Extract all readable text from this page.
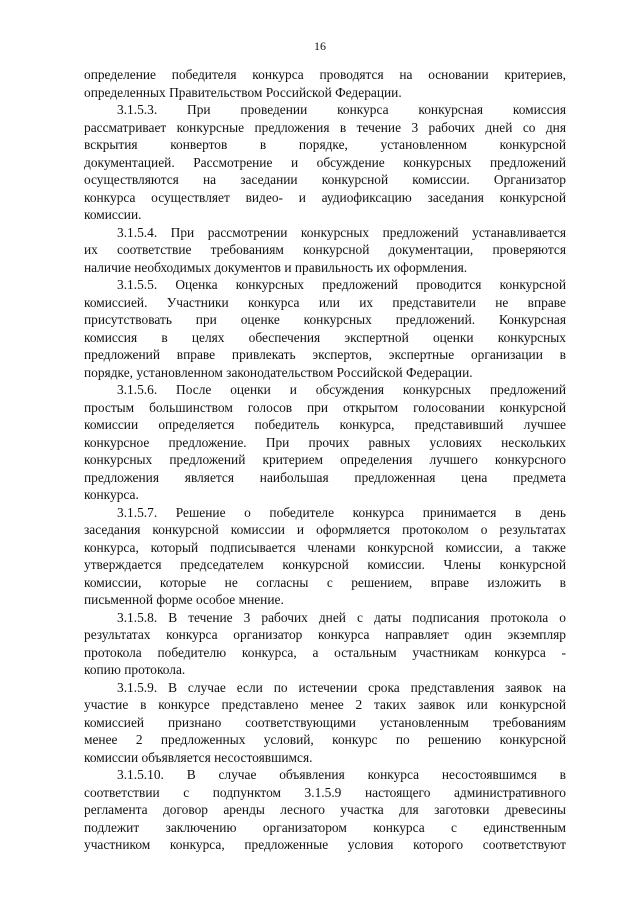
16
определение победителя конкурса проводятся на основании критериев,
определенных Правительством Российской Федерации.
3.1.5.3. При проведении конкурса конкурсная комиссия
рассматривает конкурсные предложения в течение 3 рабочих дней со дня
вскрытия конвертов в порядке, установленном конкурсной
документацией. Рассмотрение и обсуждение конкурсных предложений
осуществляются на заседании конкурсной комиссии. Организатор
конкурса осуществляет видео- и аудиофиксацию заседания конкурсной
комиссии.
3.1.5.4. При рассмотрении конкурсных предложений устанавливается
их соответствие требованиям конкурсной документации, проверяются
наличие необходимых документов и правильность их оформления.
3.1.5.5. Оценка конкурсных предложений проводится конкурсной
комиссией. Участники конкурса или их представители не вправе
присутствовать при оценке конкурсных предложений. Конкурсная
комиссия в целях обеспечения экспертной оценки конкурсных
предложений вправе привлекать экспертов, экспертные организации в
порядке, установленном законодательством Российской Федерации.
3.1.5.6. После оценки и обсуждения конкурсных предложений
простым большинством голосов при открытом голосовании конкурсной
комиссии определяется победитель конкурса, представивший лучшее
конкурсное предложение. При прочих равных условиях нескольких
конкурсных предложений критерием определения лучшего конкурсного
предложения является наибольшая предложенная цена предмета
конкурса.
3.1.5.7. Решение о победителе конкурса принимается в день
заседания конкурсной комиссии и оформляется протоколом о результатах
конкурса, который подписывается членами конкурсной комиссии, а также
утверждается председателем конкурсной комиссии. Члены конкурсной
комиссии, которые не согласны с решением, вправе изложить в
письменной форме особое мнение.
3.1.5.8. В течение 3 рабочих дней с даты подписания протокола о
результатах конкурса организатор конкурса направляет один экземпляр
протокола победителю конкурса, а остальным участникам конкурса -
копию протокола.
3.1.5.9. В случае если по истечении срока представления заявок на
участие в конкурсе представлено менее 2 таких заявок или конкурсной
комиссией признано соответствующими установленным требованиям
менее 2 предложенных условий, конкурс по решению конкурсной
комиссии объявляется несостоявшимся.
3.1.5.10. В случае объявления конкурса несостоявшимся в
соответствии с подпунктом 3.1.5.9 настоящего административного
регламента договор аренды лесного участка для заготовки древесины
подлежит заключению организатором конкурса с единственным
участником конкурса, предложенные условия которого соответствуют
